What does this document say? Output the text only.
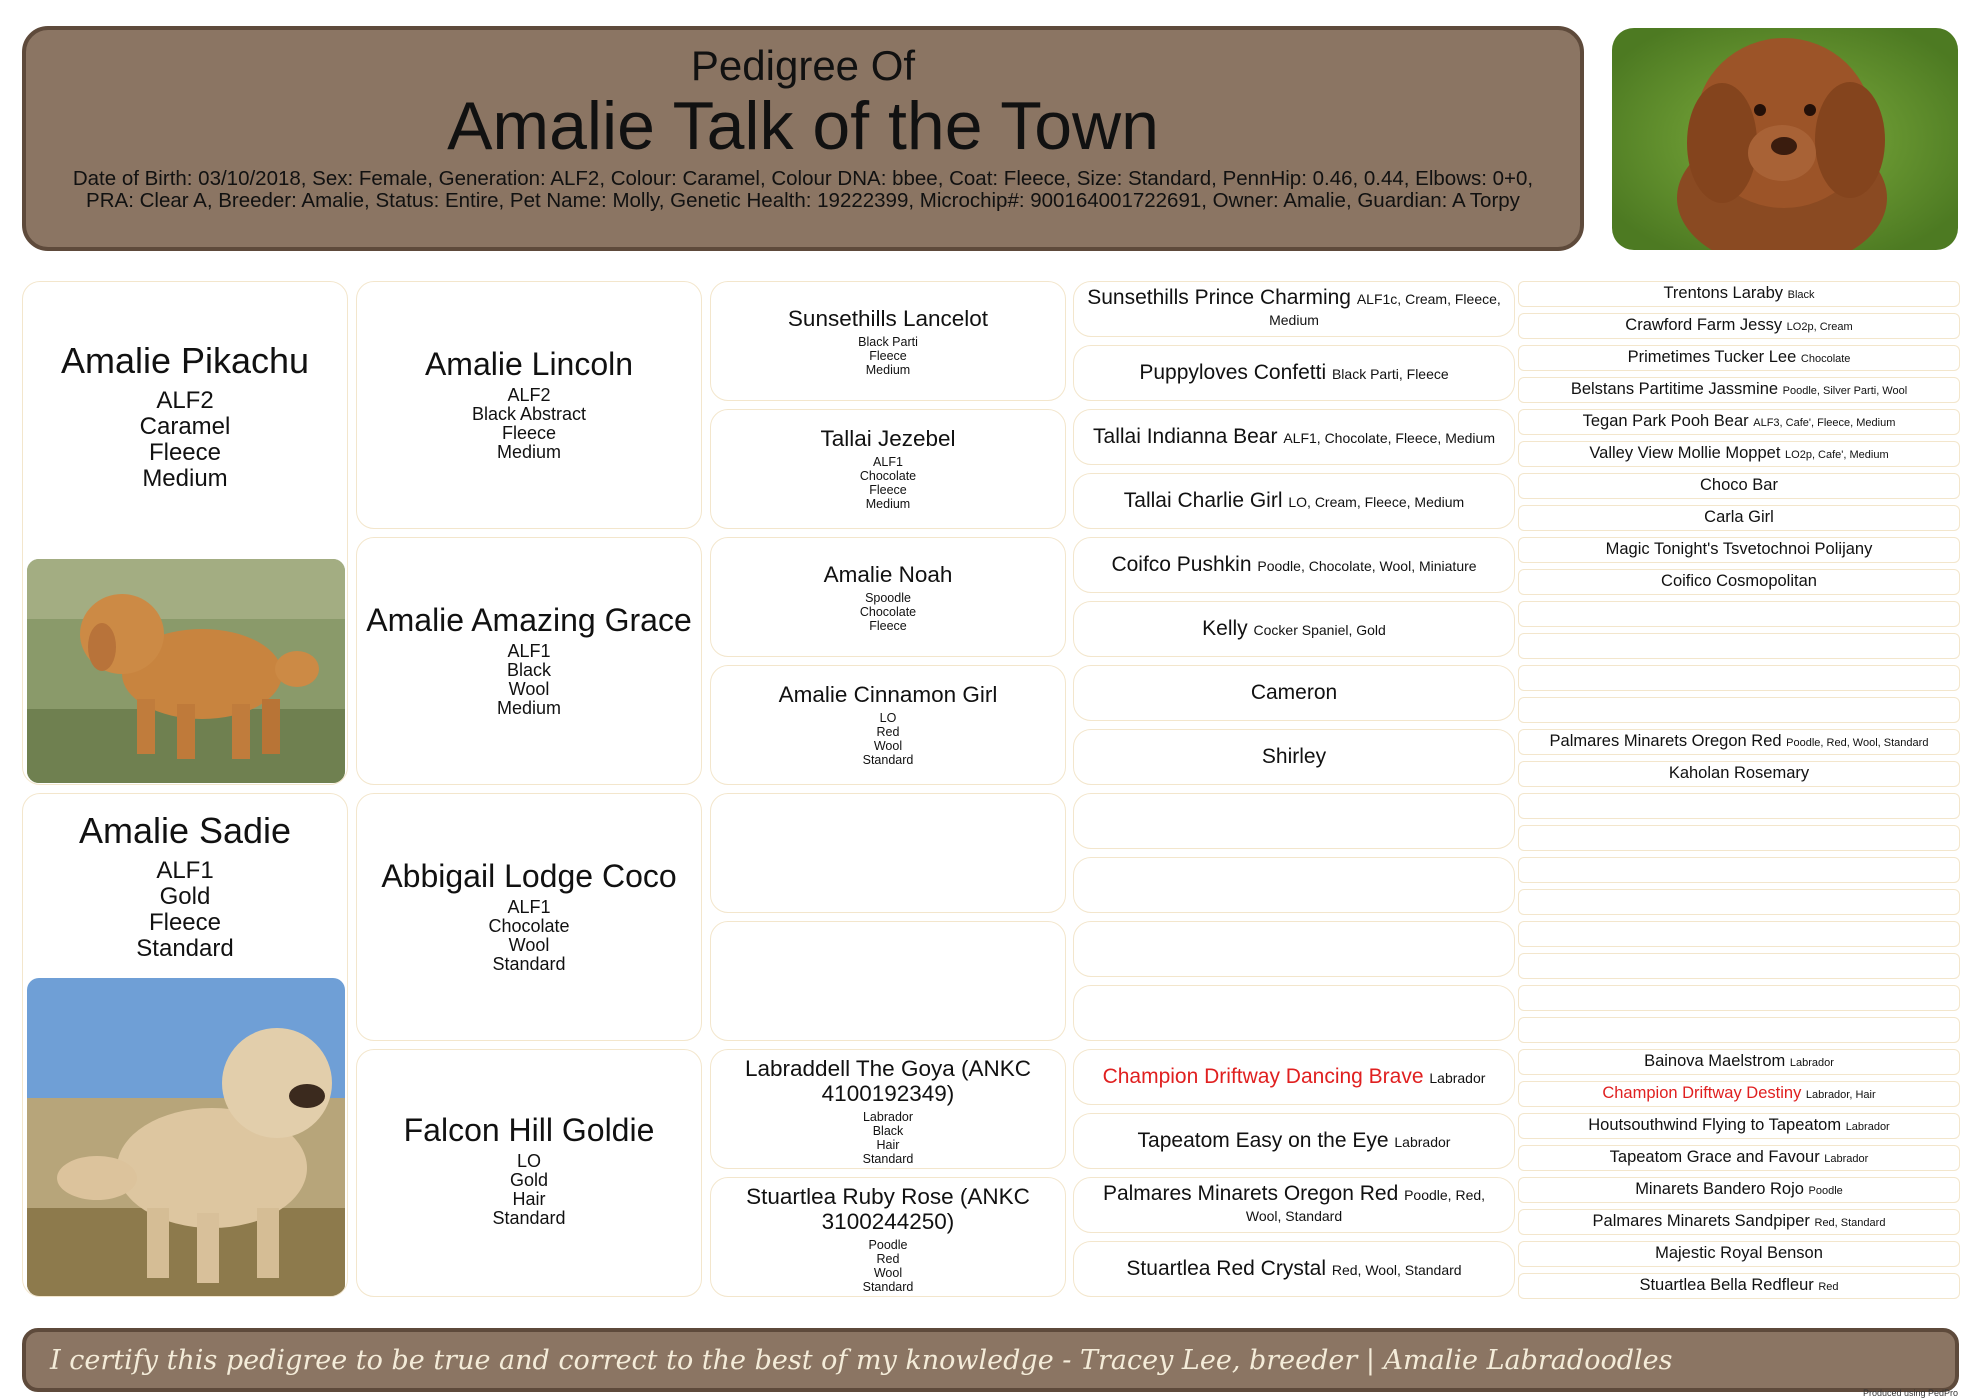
Pedigree Of
Amalie Talk of the Town
Date of Birth: 03/10/2018, Sex: Female, Generation: ALF2, Colour: Caramel, Colour DNA: bbee, Coat: Fleece, Size: Standard, PennHip: 0.46, 0.44, Elbows: 0+0, PRA: Clear A, Breeder: Amalie, Status: Entire, Pet Name: Molly, Genetic Health: 19222399, Microchip#: 900164001722691, Owner: Amalie, Guardian: A Torpy
Amalie Pikachu
ALF2
Caramel
Fleece
Medium
Amalie Sadie
ALF1
Gold
Fleece
Standard
Amalie Lincoln
ALF2
Black Abstract
Fleece
Medium
Amalie Amazing Grace
ALF1
Black
Wool
Medium
Abbigail Lodge Coco
ALF1
Chocolate
Wool
Standard
Falcon Hill Goldie
LO
Gold
Hair
Standard
Sunsethills Lancelot
Black Parti
Fleece
Medium
Tallai Jezebel
ALF1
Chocolate
Fleece
Medium
Amalie Noah
Spoodle
Chocolate
Fleece
Amalie Cinnamon Girl
LO
Red
Wool
Standard
Labraddell The Goya (ANKC 4100192349)
Labrador
Black
Hair
Standard
Stuartlea Ruby Rose (ANKC 3100244250)
Poodle
Red
Wool
Standard
Sunsethills Prince Charming ALF1c, Cream, Fleece, Medium
Puppyloves Confetti Black Parti, Fleece
Tallai Indianna Bear ALF1, Chocolate, Fleece, Medium
Tallai Charlie Girl LO, Cream, Fleece, Medium
Coifco Pushkin Poodle, Chocolate, Wool, Miniature
Kelly Cocker Spaniel, Gold
Cameron
Shirley
Champion Driftway Dancing Brave Labrador
Tapeatom Easy on the Eye Labrador
Palmares Minarets Oregon Red Poodle, Red, Wool, Standard
Stuartlea Red Crystal Red, Wool, Standard
Trentons Laraby Black
Crawford Farm Jessy LO2p, Cream
Primetimes Tucker Lee Chocolate
Belstans Partitime Jassmine Poodle, Silver Parti, Wool
Tegan Park Pooh Bear ALF3, Cafe', Fleece, Medium
Valley View Mollie Moppet LO2p, Cafe', Medium
Choco Bar
Carla Girl
Magic Tonight's Tsvetochnoi Polijany
Coifico Cosmopolitan
Palmares Minarets Oregon Red Poodle, Red, Wool, Standard
Kaholan Rosemary
Bainova Maelstrom Labrador
Champion Driftway Destiny Labrador, Hair
Houtsouthwind Flying to Tapeatom Labrador
Tapeatom Grace and Favour Labrador
Minarets Bandero Rojo Poodle
Palmares Minarets Sandpiper Red, Standard
Majestic Royal Benson
Stuartlea Bella Redfleur Red
I certify this pedigree to be true and correct to the best of my knowledge - Tracey Lee, breeder | Amalie Labradoodles
Produced using PedPro
